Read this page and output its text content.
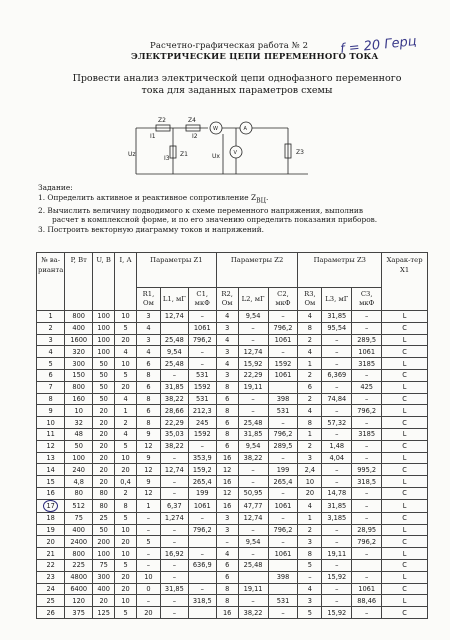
Расчетно-графическая работа № 2
ЭЛЕКТРИЧЕСКИЕ ЦЕПИ ПЕРЕМЕННОГО ТОКА
f = 20 Герц
Провести анализ электрической цепи однофазного переменного тока для заданных параметров схемы
Z2	Z4
W	A
V	Z3
I1	I2
I3
Uz	Z1	Ux
Задание:
1. Определить активное и реактивное сопротивление $Z_{ВЦ}$.
2. Вычислить величину подводимого к схеме переменного напряжения, выполнив
расчет в комплексной форме, и по его значению определить показания приборов.
3. Построить векторную диаграмму токов и напряжений.
№ ва-рианта	P, Вт	U, В	I, А	Параметры Z1			Параметры Z2			Параметры Z3			Харак-тер X1
				R1, Ом	L1, мГ	C1, мкФ	R2, Ом	L2, мГ	C2, мкФ	R3, Ом	L3, мГ	C3, мкФ	
1	800	100	10	3	12,74	–	4	9,54	–	4	31,85	–	L
2	400	100	5	4		1061	3	–	796,2	8	95,54	–	C
3	1600	100	20	3	25,48	796,2	4	–	1061	2	–	289,5	L
4	320	100	4	4	9,54	–	3	12,74	–	4	–	1061	C
5	300	50	10	6	25,48	–	4	15,92	1592	1	–	3185	L
6	150	50	5	8	–	531	3	22,29	1061	2	6,369	–	C
7	800	50	20	6	31,85	1592	8	19,11		6	–	425	L
8	160	50	4	8	38,22	531	6	–	398	2	74,84	–	C
9	10	20	1	6	28,66	212,3	8	–	531	4	–	796,2	L
10	32	20	2	8	22,29	245	6	25,48	–	8	57,32	–	C
11	48	20	4	9	35,03	1592	8	31,85	796,2	1	–	3185	L
12	50	20	5	12	38,22	–	6	9,54	289,5	2	1,48	–	C
13	100	20	10	9	–	353,9	16	38,22	–	3	4,04	–	L
14	240	20	20	12	12,74	159,2	12	–	199	2,4	–	995,2	C
15	4,8	20	0,4	9	–	265,4	16	–	265,4	10	–	318,5	L
16	80	80	2	12	–	199	12	50,95	–	20	14,78	–	C
17	512	80	8	1	6,37	1061	16	47,77	1061	4	31,85	–	L
18	75	25	5	–	1,274	–	3	12,74	–	1	3,185	–	C
19	400	50	10	–	–	796,2	3	–	796,2	2	–	28,95	L
20	2400	200	20	5	–		–	9,54	–	3	–	796,2	C
21	800	100	10	–	16,92	–	4	–	1061	8	19,11	–	L
22	225	75	5	–	–	636,9	6	25,48		5	–		C
23	4800	300	20	10	–		6		398	–	15,92	–	L
24	6400	400	20	0	31,85	–	8	19,11		4	–	1061	C
25	120	20	10	–	–	318,5	8	–	531	3	–	88,46	L
26	375	125	5	20	–		16	38,22	–	5	15,92	–	C
